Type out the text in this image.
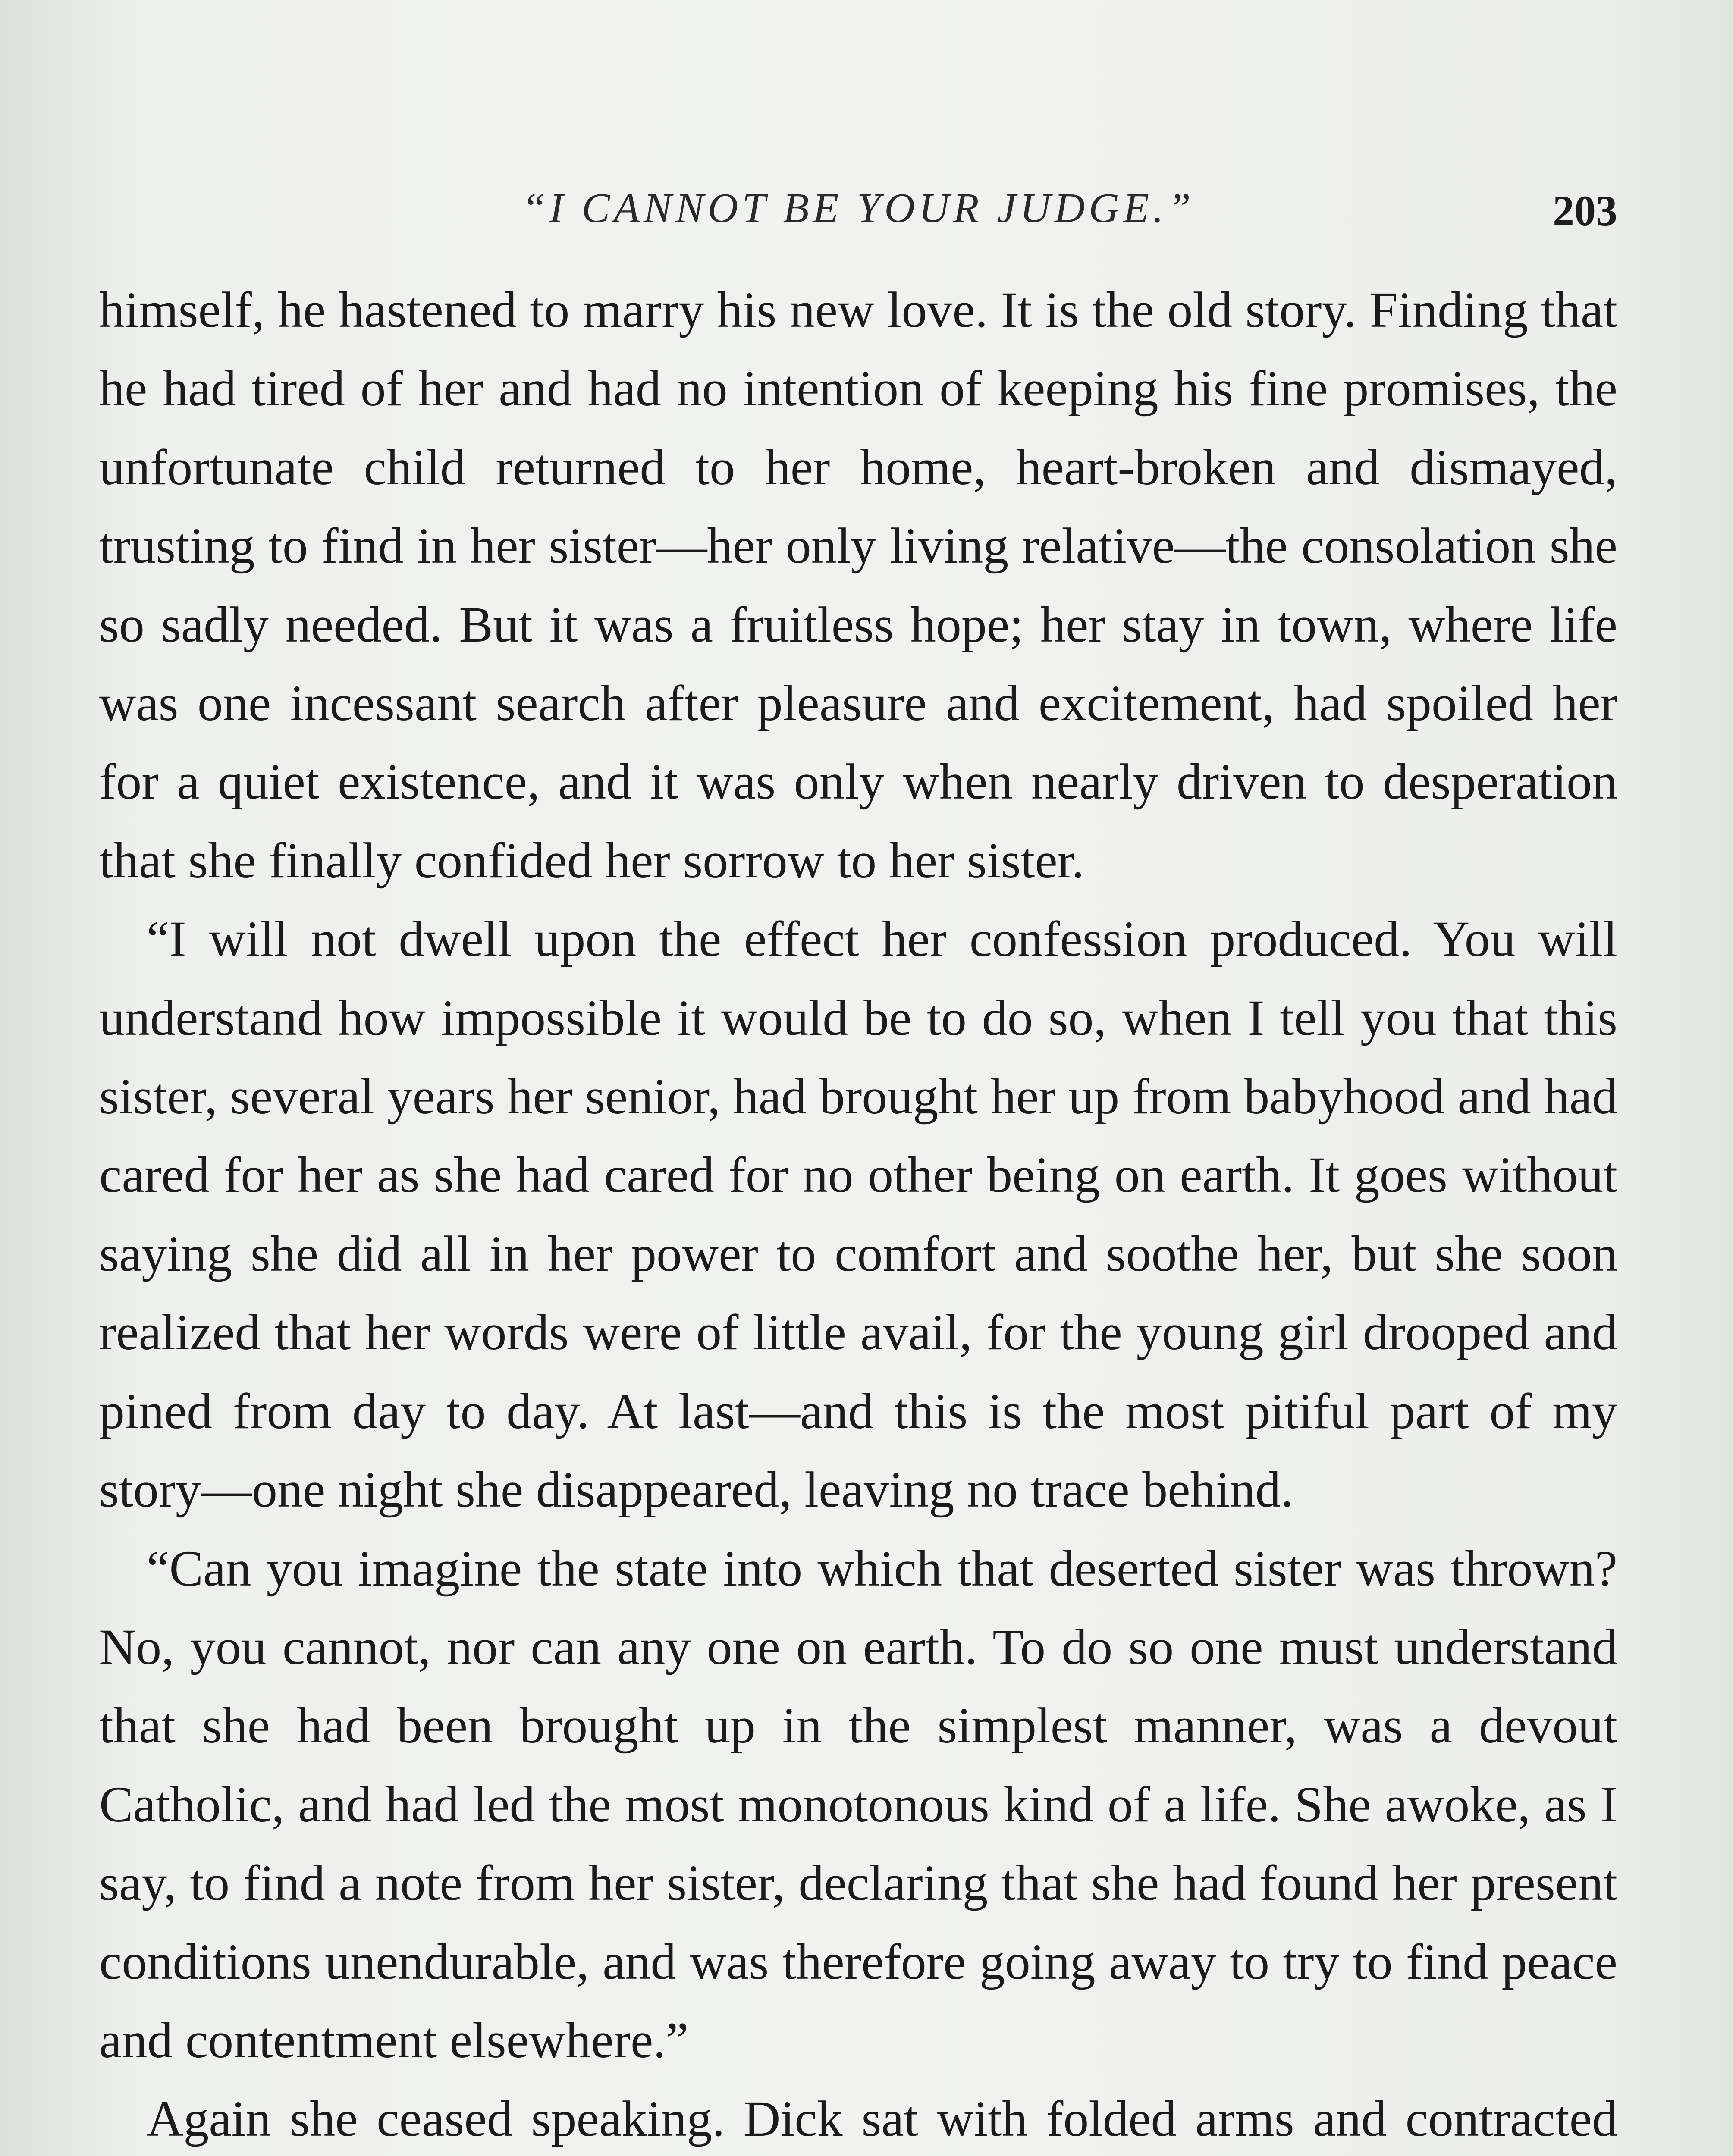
“I CANNOT BE YOUR JUDGE.”	203

himself, he hastened to marry his new love. It is the old story. Finding that he had tired of her and had no intention of keeping his fine promises, the unfortunate child returned to her home, heart-broken and dismayed, trusting to find in her sister—her only living relative—the consolation she so sadly needed. But it was a fruitless hope; her stay in town, where life was one incessant search after pleasure and excitement, had spoiled her for a quiet existence, and it was only when nearly driven to desperation that she finally confided her sorrow to her sister.

“I will not dwell upon the effect her confession produced. You will understand how impossible it would be to do so, when I tell you that this sister, several years her senior, had brought her up from babyhood and had cared for her as she had cared for no other being on earth. It goes without saying she did all in her power to comfort and soothe her, but she soon realized that her words were of little avail, for the young girl drooped and pined from day to day. At last—and this is the most pitiful part of my story—one night she disappeared, leaving no trace behind.

“Can you imagine the state into which that deserted sister was thrown? No, you cannot, nor can any one on earth. To do so one must understand that she had been brought up in the simplest manner, was a devout Catholic, and had led the most monotonous kind of a life. She awoke, as I say, to find a note from her sister, declaring that she had found her present conditions unendurable, and was therefore going away to try to find peace and contentment elsewhere.”

Again she ceased speaking. Dick sat with folded arms and contracted
